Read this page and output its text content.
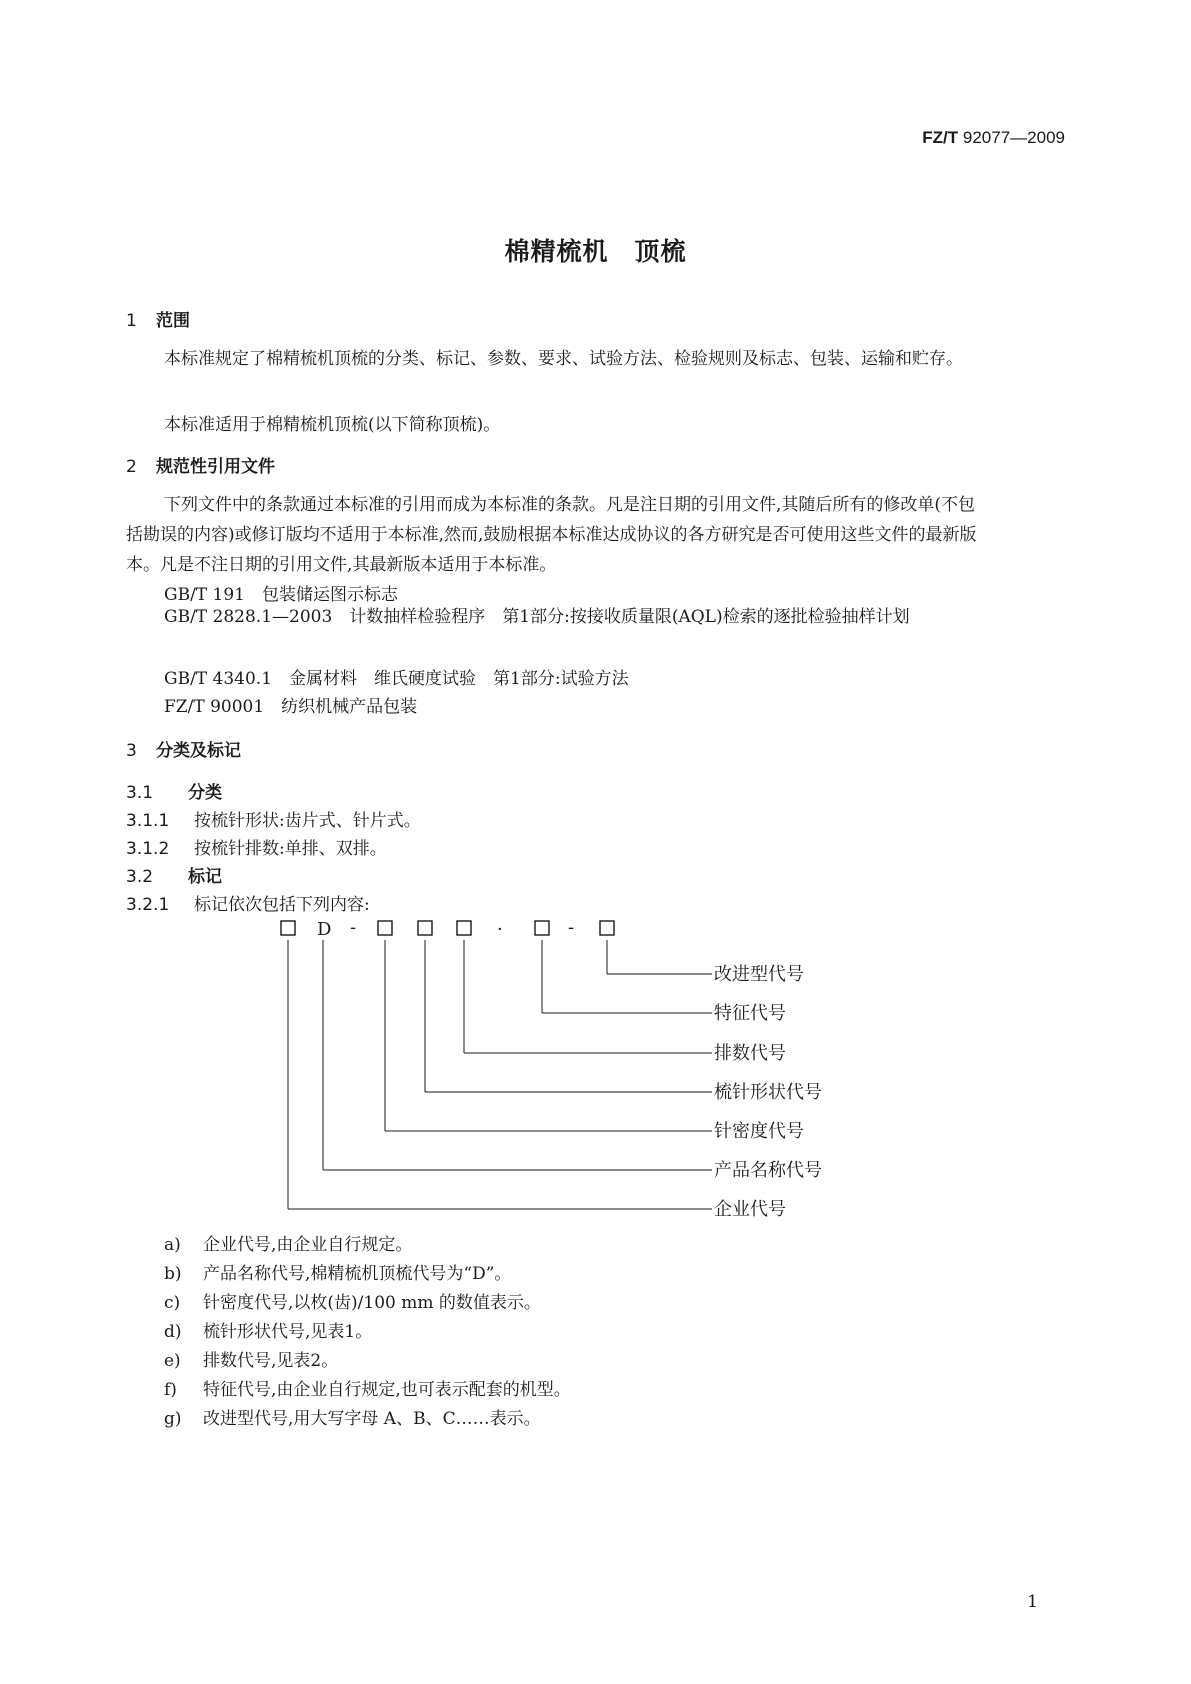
FZ/T 92077—2009
棉精梳机　顶梳
1 范围
本标准规定了棉精梳机顶梳的分类、标记、参数、要求、试验方法、检验规则及标志、包装、运输和贮存。
本标准适用于棉精梳机顶梳(以下简称顶梳)。
2 规范性引用文件
下列文件中的条款通过本标准的引用而成为本标准的条款。凡是注日期的引用文件,其随后所有的修改单(不包括勘误的内容)或修订版均不适用于本标准,然而,鼓励根据本标准达成协议的各方研究是否可使用这些文件的最新版本。凡是不注日期的引用文件,其最新版本适用于本标准。
GB/T 191　包装储运图示标志
GB/T 2828.1—2003　计数抽样检验程序　第1部分:按接收质量限(AQL)检索的逐批检验抽样计划
GB/T 4340.1　金属材料　维氏硬度试验　第1部分:试验方法
FZ/T 90001　纺织机械产品包装
3 分类及标记
3.1 分类
3.1.1 按梳针形状:齿片式、针片式。
3.1.2 按梳针排数:单排、双排。
3.2 标记
3.2.1 标记依次包括下列内容:
D -	·	-
改进型代号
特征代号
排数代号
梳针形状代号
针密度代号
产品名称代号
企业代号
a) 企业代号,由企业自行规定。
b) 产品名称代号,棉精梳机顶梳代号为“D”。
c) 针密度代号,以枚(齿)/100 mm 的数值表示。
d) 梳针形状代号,见表1。
e) 排数代号,见表2。
f) 特征代号,由企业自行规定,也可表示配套的机型。
g) 改进型代号,用大写字母 A、B、C……表示。
1
